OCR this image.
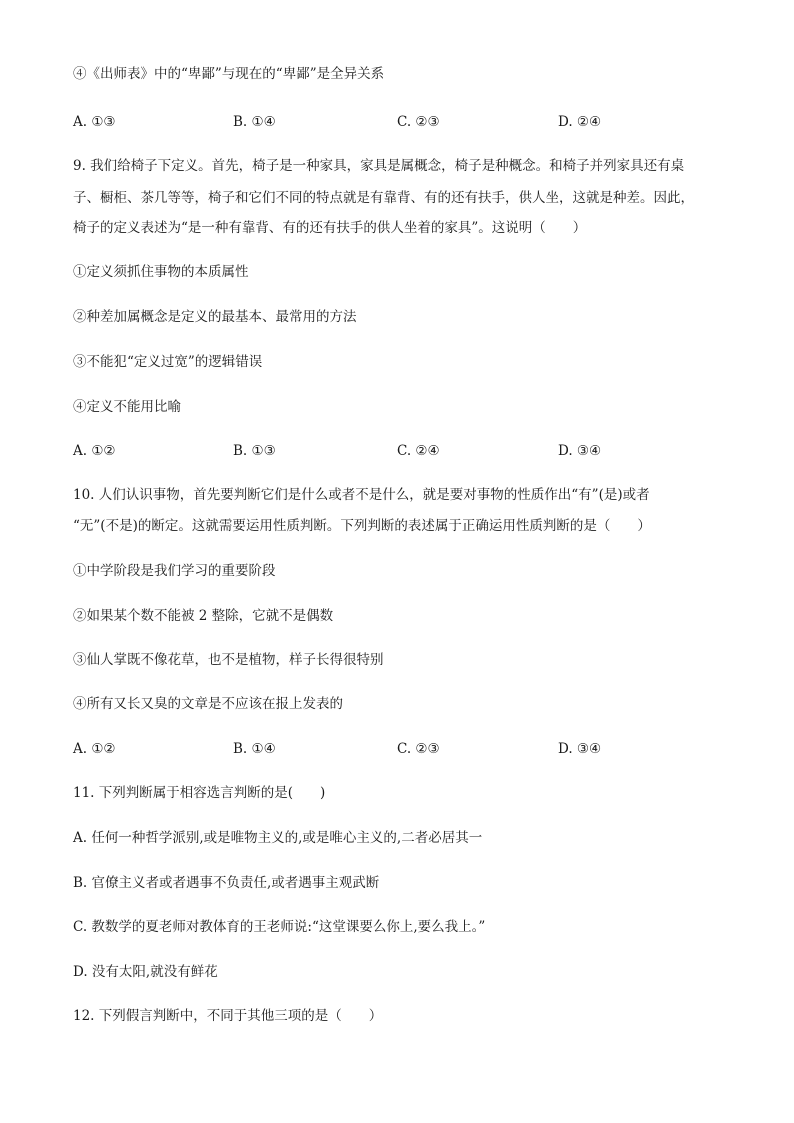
④《出师表》中的“卑鄙”与现在的“卑鄙”是全异关系
A. ①③	B. ①④	C. ②③	D. ②④
9. 我们给椅子下定义。首先，椅子是一种家具，家具是属概念，椅子是种概念。和椅子并列家具还有桌
子、橱柜、茶几等等，椅子和它们不同的特点就是有靠背、有的还有扶手，供人坐，这就是种差。因此，
椅子的定义表述为“是一种有靠背、有的还有扶手的供人坐着的家具”。这说明（　　）
①定义须抓住事物的本质属性
②种差加属概念是定义的最基本、最常用的方法
③不能犯“定义过宽”的逻辑错误
④定义不能用比喻
A. ①②	B. ①③	C. ②④	D. ③④
10. 人们认识事物，首先要判断它们是什么或者不是什么，就是要对事物的性质作出“有”(是)或者
“无”(不是)的断定。这就需要运用性质判断。下列判断的表述属于正确运用性质判断的是（　　）
①中学阶段是我们学习的重要阶段
②如果某个数不能被 2 整除，它就不是偶数
③仙人掌既不像花草，也不是植物，样子长得很特别
④所有又长又臭的文章是不应该在报上发表的
A. ①②	B. ①④	C. ②③	D. ③④
11. 下列判断属于相容选言判断的是(　　)
A. 任何一种哲学派别,或是唯物主义的,或是唯心主义的,二者必居其一
B. 官僚主义者或者遇事不负责任,或者遇事主观武断
C. 教数学的夏老师对教体育的王老师说:“这堂课要么你上,要么我上。”
D. 没有太阳,就没有鲜花
12. 下列假言判断中，不同于其他三项的是（　　）
